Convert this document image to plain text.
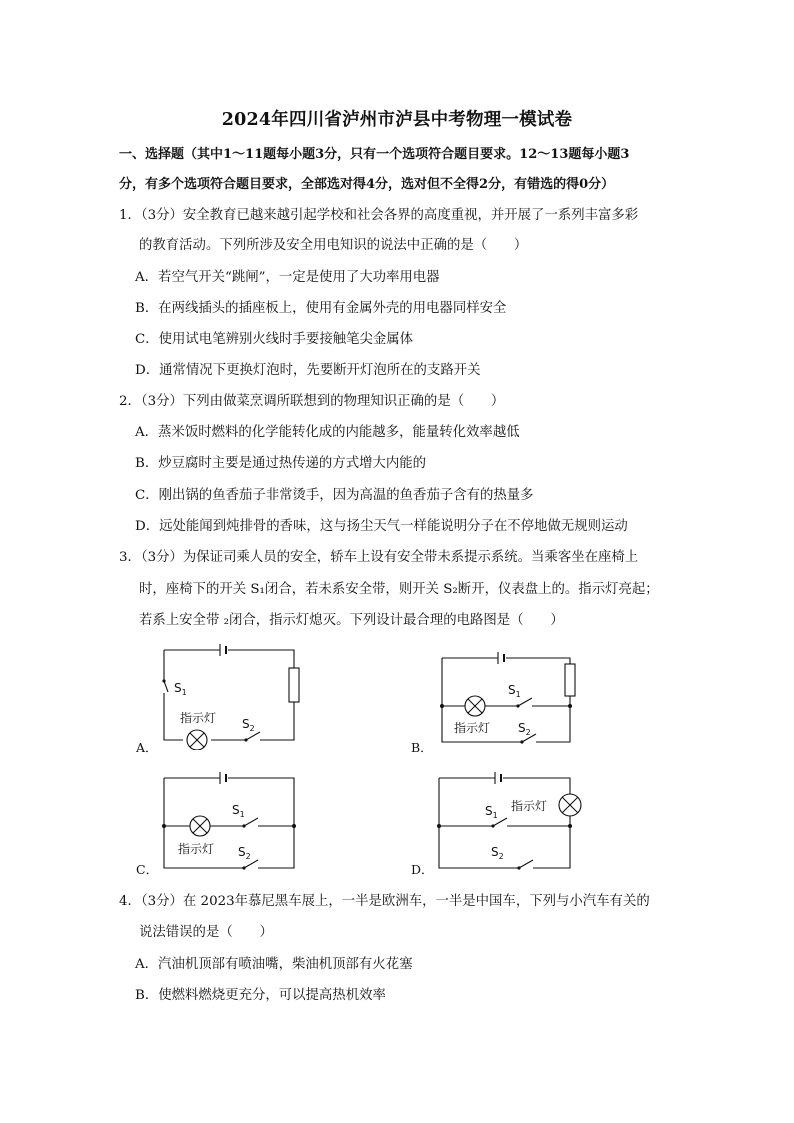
2024年四川省泸州市泸县中考物理一模试卷
一、选择题（其中1～11题每小题3分，只有一个选项符合题目要求。12～13题每小题3
分，有多个选项符合题目要求，全部选对得4分，选对但不全得2分，有错选的得0分）
1．（3分）安全教育已越来越引起学校和社会各界的高度重视，并开展了一系列丰富多彩
的教育活动。下列所涉及安全用电知识的说法中正确的是（　　）
A．若空气开关“跳闸”，一定是使用了大功率用电器
B．在两线插头的插座板上，使用有金属外壳的用电器同样安全
C．使用试电笔辨别火线时手要接触笔尖金属体
D．通常情况下更换灯泡时，先要断开灯泡所在的支路开关
2．（3分）下列由做菜烹调所联想到的物理知识正确的是（　　）
A．蒸米饭时燃料的化学能转化成的内能越多，能量转化效率越低
B．炒豆腐时主要是通过热传递的方式增大内能的
C．刚出锅的鱼香茄子非常烫手，因为高温的鱼香茄子含有的热量多
D．远处能闻到炖排骨的香味，这与扬尘天气一样能说明分子在不停地做无规则运动
3．（3分）为保证司乘人员的安全，轿车上设有安全带未系提示系统。当乘客坐在座椅上
时，座椅下的开关 S₁闭合，若未系安全带，则开关 S₂断开，仪表盘上的。指示灯亮起；
若系上安全带 ₂闭合，指示灯熄灭。下列设计最合理的电路图是（　　）
A．	B．
C．	D．
$S_1$
$S_2$
指示灯
$S_1$
$S_2$
指示灯
$S_1$
$S_2$
指示灯
$S_1$
$S_2$
指示灯
4．（3分）在 2023年慕尼黑车展上，一半是欧洲车，一半是中国车，下列与小汽车有关的
说法错误的是（　　）
A．汽油机顶部有喷油嘴，柴油机顶部有火花塞
B．使燃料燃烧更充分，可以提高热机效率
